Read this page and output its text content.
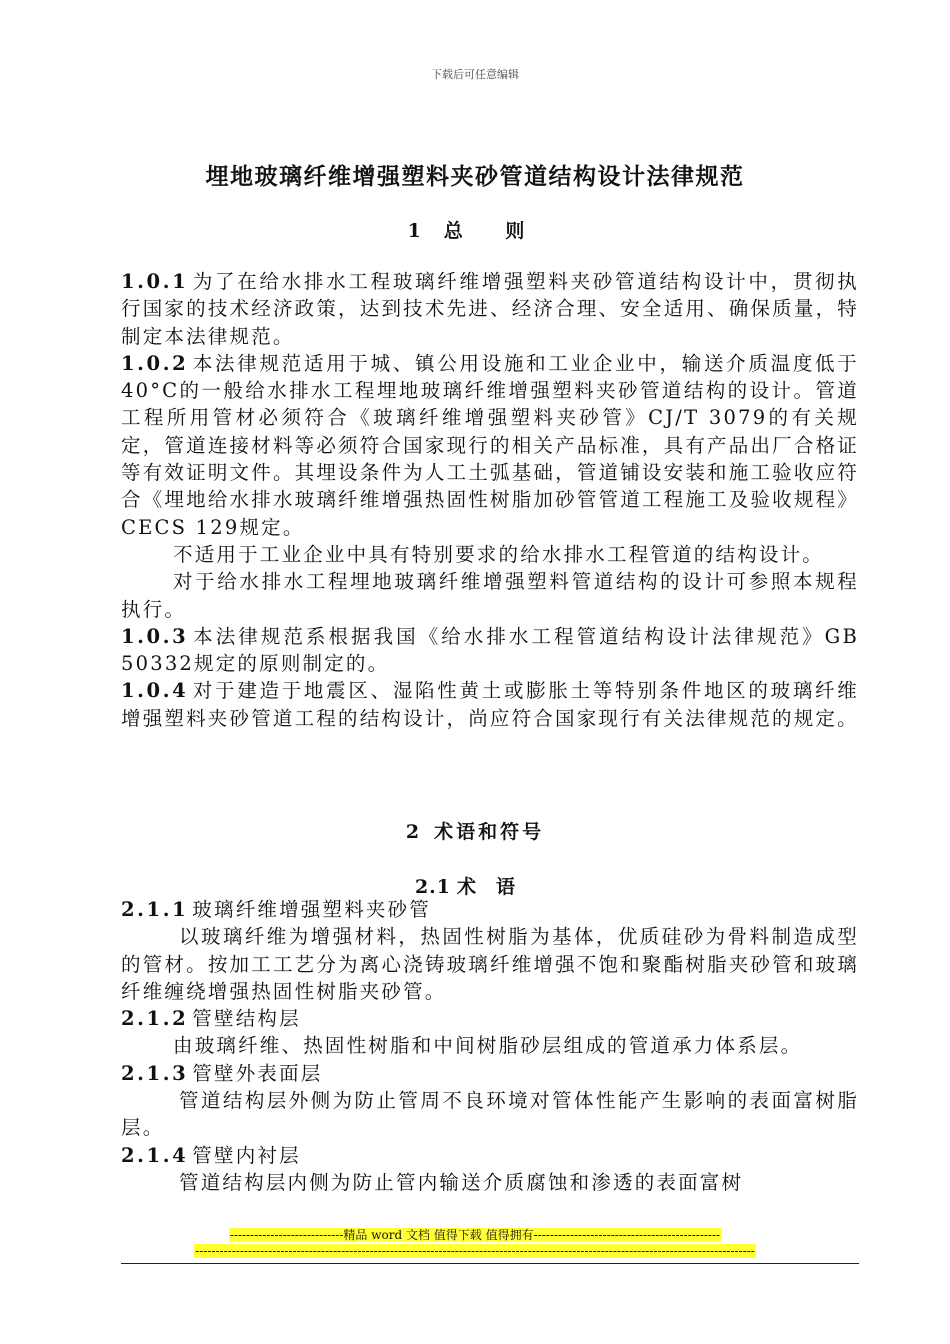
下载后可任意编辑
埋地玻璃纤维增强塑料夹砂管道结构设计法律规范
1 总 则

1.0.1 为了在给水排水工程玻璃纤维增强塑料夹砂管道结构设计中，贯彻执行国家的技术经济政策，达到技术先进、经济合理、安全适用、确保质量，特制定本法律规范。

1.0.2 本法律规范适用于城、镇公用设施和工业企业中，输送介质温度低于40°C的一般给水排水工程埋地玻璃纤维增强塑料夹砂管道结构的设计。管道工程所用管材必须符合《玻璃纤维增强塑料夹砂管》CJ/T 3079的有关规定，管道连接材料等必须符合国家现行的相关产品标准，具有产品出厂合格证等有效证明文件。其埋设条件为人工土弧基础，管道铺设安装和施工验收应符合《埋地给水排水玻璃纤维增强热固性树脂加砂管管道工程施工及验收规程》CECS 129规定。

不适用于工业企业中具有特别要求的给水排水工程管道的结构设计。

对于给水排水工程埋地玻璃纤维增强塑料管道结构的设计可参照本规程执行。

1.0.3 本法律规范系根据我国《给水排水工程管道结构设计法律规范》GB 50332规定的原则制定的。

1.0.4 对于建造于地震区、湿陷性黄土或膨胀土等特别条件地区的玻璃纤维增强塑料夹砂管道工程的结构设计，尚应符合国家现行有关法律规范的规定。

2 术语和符号
2.1 术语

2.1.1 玻璃纤维增强塑料夹砂管

以玻璃纤维为增强材料，热固性树脂为基体，优质硅砂为骨料制造成型的管材。按加工工艺分为离心浇铸玻璃纤维增强不饱和聚酯树脂夹砂管和玻璃纤维缠绕增强热固性树脂夹砂管。

2.1.2 管壁结构层

由玻璃纤维、热固性树脂和中间树脂砂层组成的管道承力体系层。

2.1.3 管壁外表面层

管道结构层外侧为防止管周不良环境对管体性能产生影响的表面富树脂层。

2.1.4 管壁内衬层

管道结构层内侧为防止管内输送介质腐蚀和渗透的表面富树

----------------------------精品 word 文档 值得下载 值得拥有----------------------------------------------
------------------------------------------------------------------------------------------------------------------------------------------
